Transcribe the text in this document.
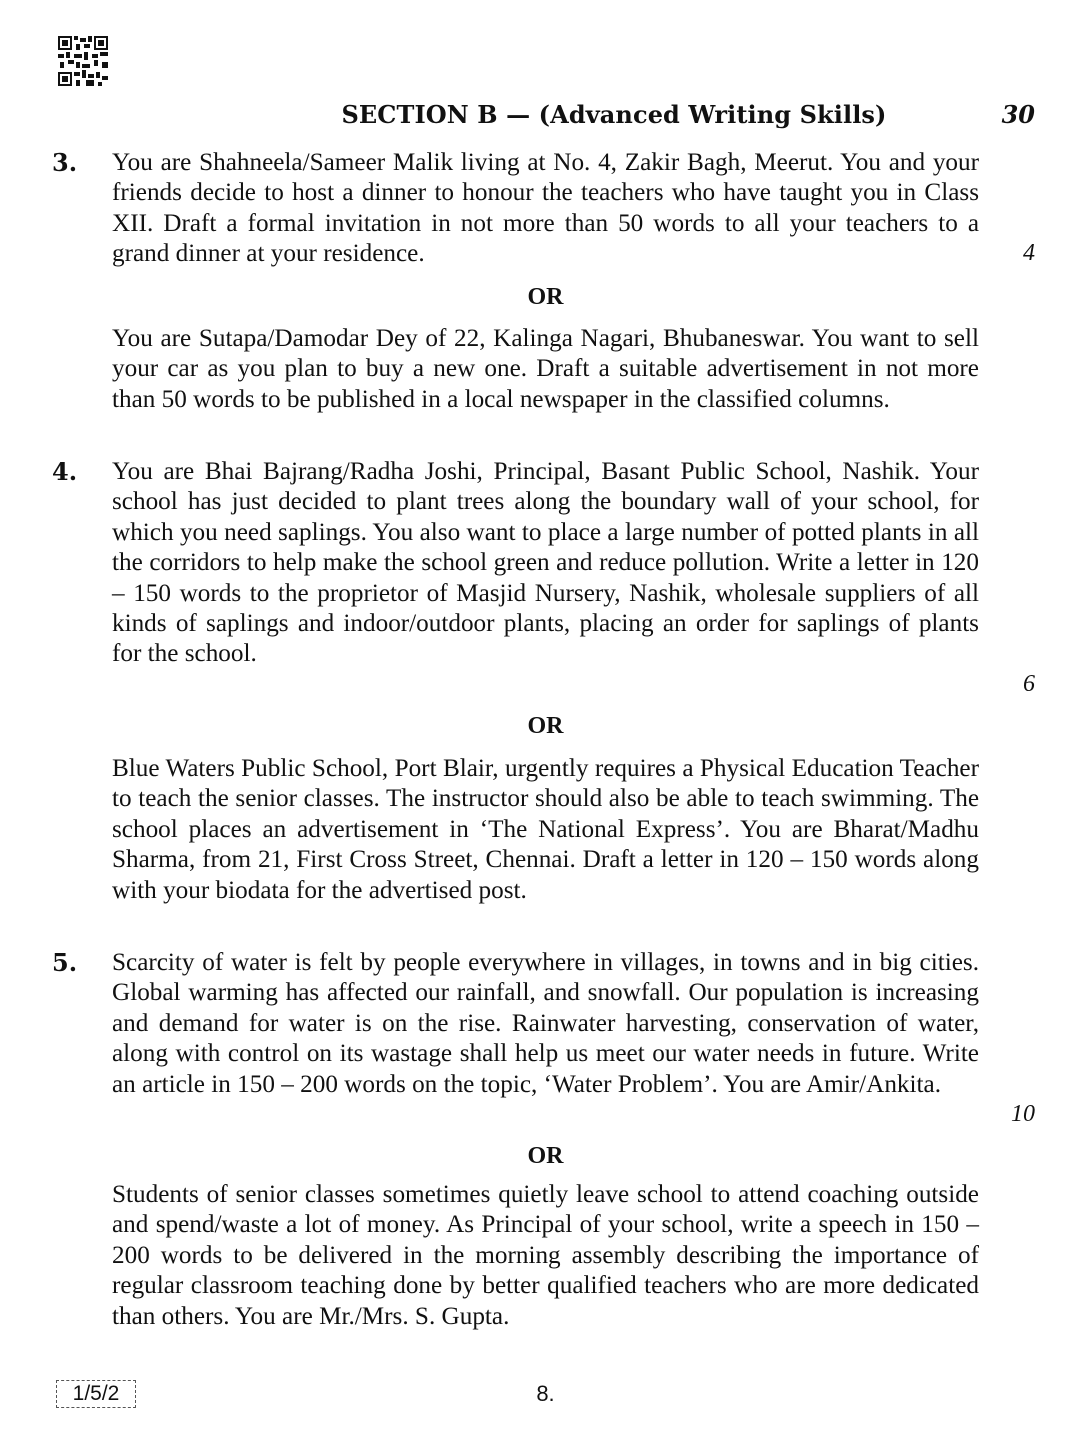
SECTION B — (Advanced Writing Skills)	30
3. You are Shahneela/Sameer Malik living at No. 4, Zakir Bagh, Meerut. You and your friends decide to host a dinner to honour the teachers who have taught you in Class XII. Draft a formal invitation in not more than 50 words to all your teachers to a grand dinner at your residence.	4
OR
You are Sutapa/Damodar Dey of 22, Kalinga Nagari, Bhubaneswar. You want to sell your car as you plan to buy a new one. Draft a suitable advertisement in not more than 50 words to be published in a local newspaper in the classified columns.
4. You are Bhai Bajrang/Radha Joshi, Principal, Basant Public School, Nashik. Your school has just decided to plant trees along the boundary wall of your school, for which you need saplings. You also want to place a large number of potted plants in all the corridors to help make the school green and reduce pollution. Write a letter in 120 – 150 words to the proprietor of Masjid Nursery, Nashik, wholesale suppliers of all kinds of saplings and indoor/outdoor plants, placing an order for saplings of plants for the school.
6
OR
Blue Waters Public School, Port Blair, urgently requires a Physical Education Teacher to teach the senior classes. The instructor should also be able to teach swimming. The school places an advertisement in ‘The National Express’. You are Bharat/Madhu Sharma, from 21, First Cross Street, Chennai. Draft a letter in 120 – 150 words along with your biodata for the advertised post.
5. Scarcity of water is felt by people everywhere in villages, in towns and in big cities. Global warming has affected our rainfall, and snowfall. Our population is increasing and demand for water is on the rise. Rainwater harvesting, conservation of water, along with control on its wastage shall help us meet our water needs in future. Write an article in 150 – 200 words on the topic, ‘Water Problem’. You are Amir/Ankita.
10
OR
Students of senior classes sometimes quietly leave school to attend coaching outside and spend/waste a lot of money. As Principal of your school, write a speech in 150 – 200 words to be delivered in the morning assembly describing the importance of regular classroom teaching done by better qualified teachers who are more dedicated than others. You are Mr./Mrs. S. Gupta.
1/5/2	8.
